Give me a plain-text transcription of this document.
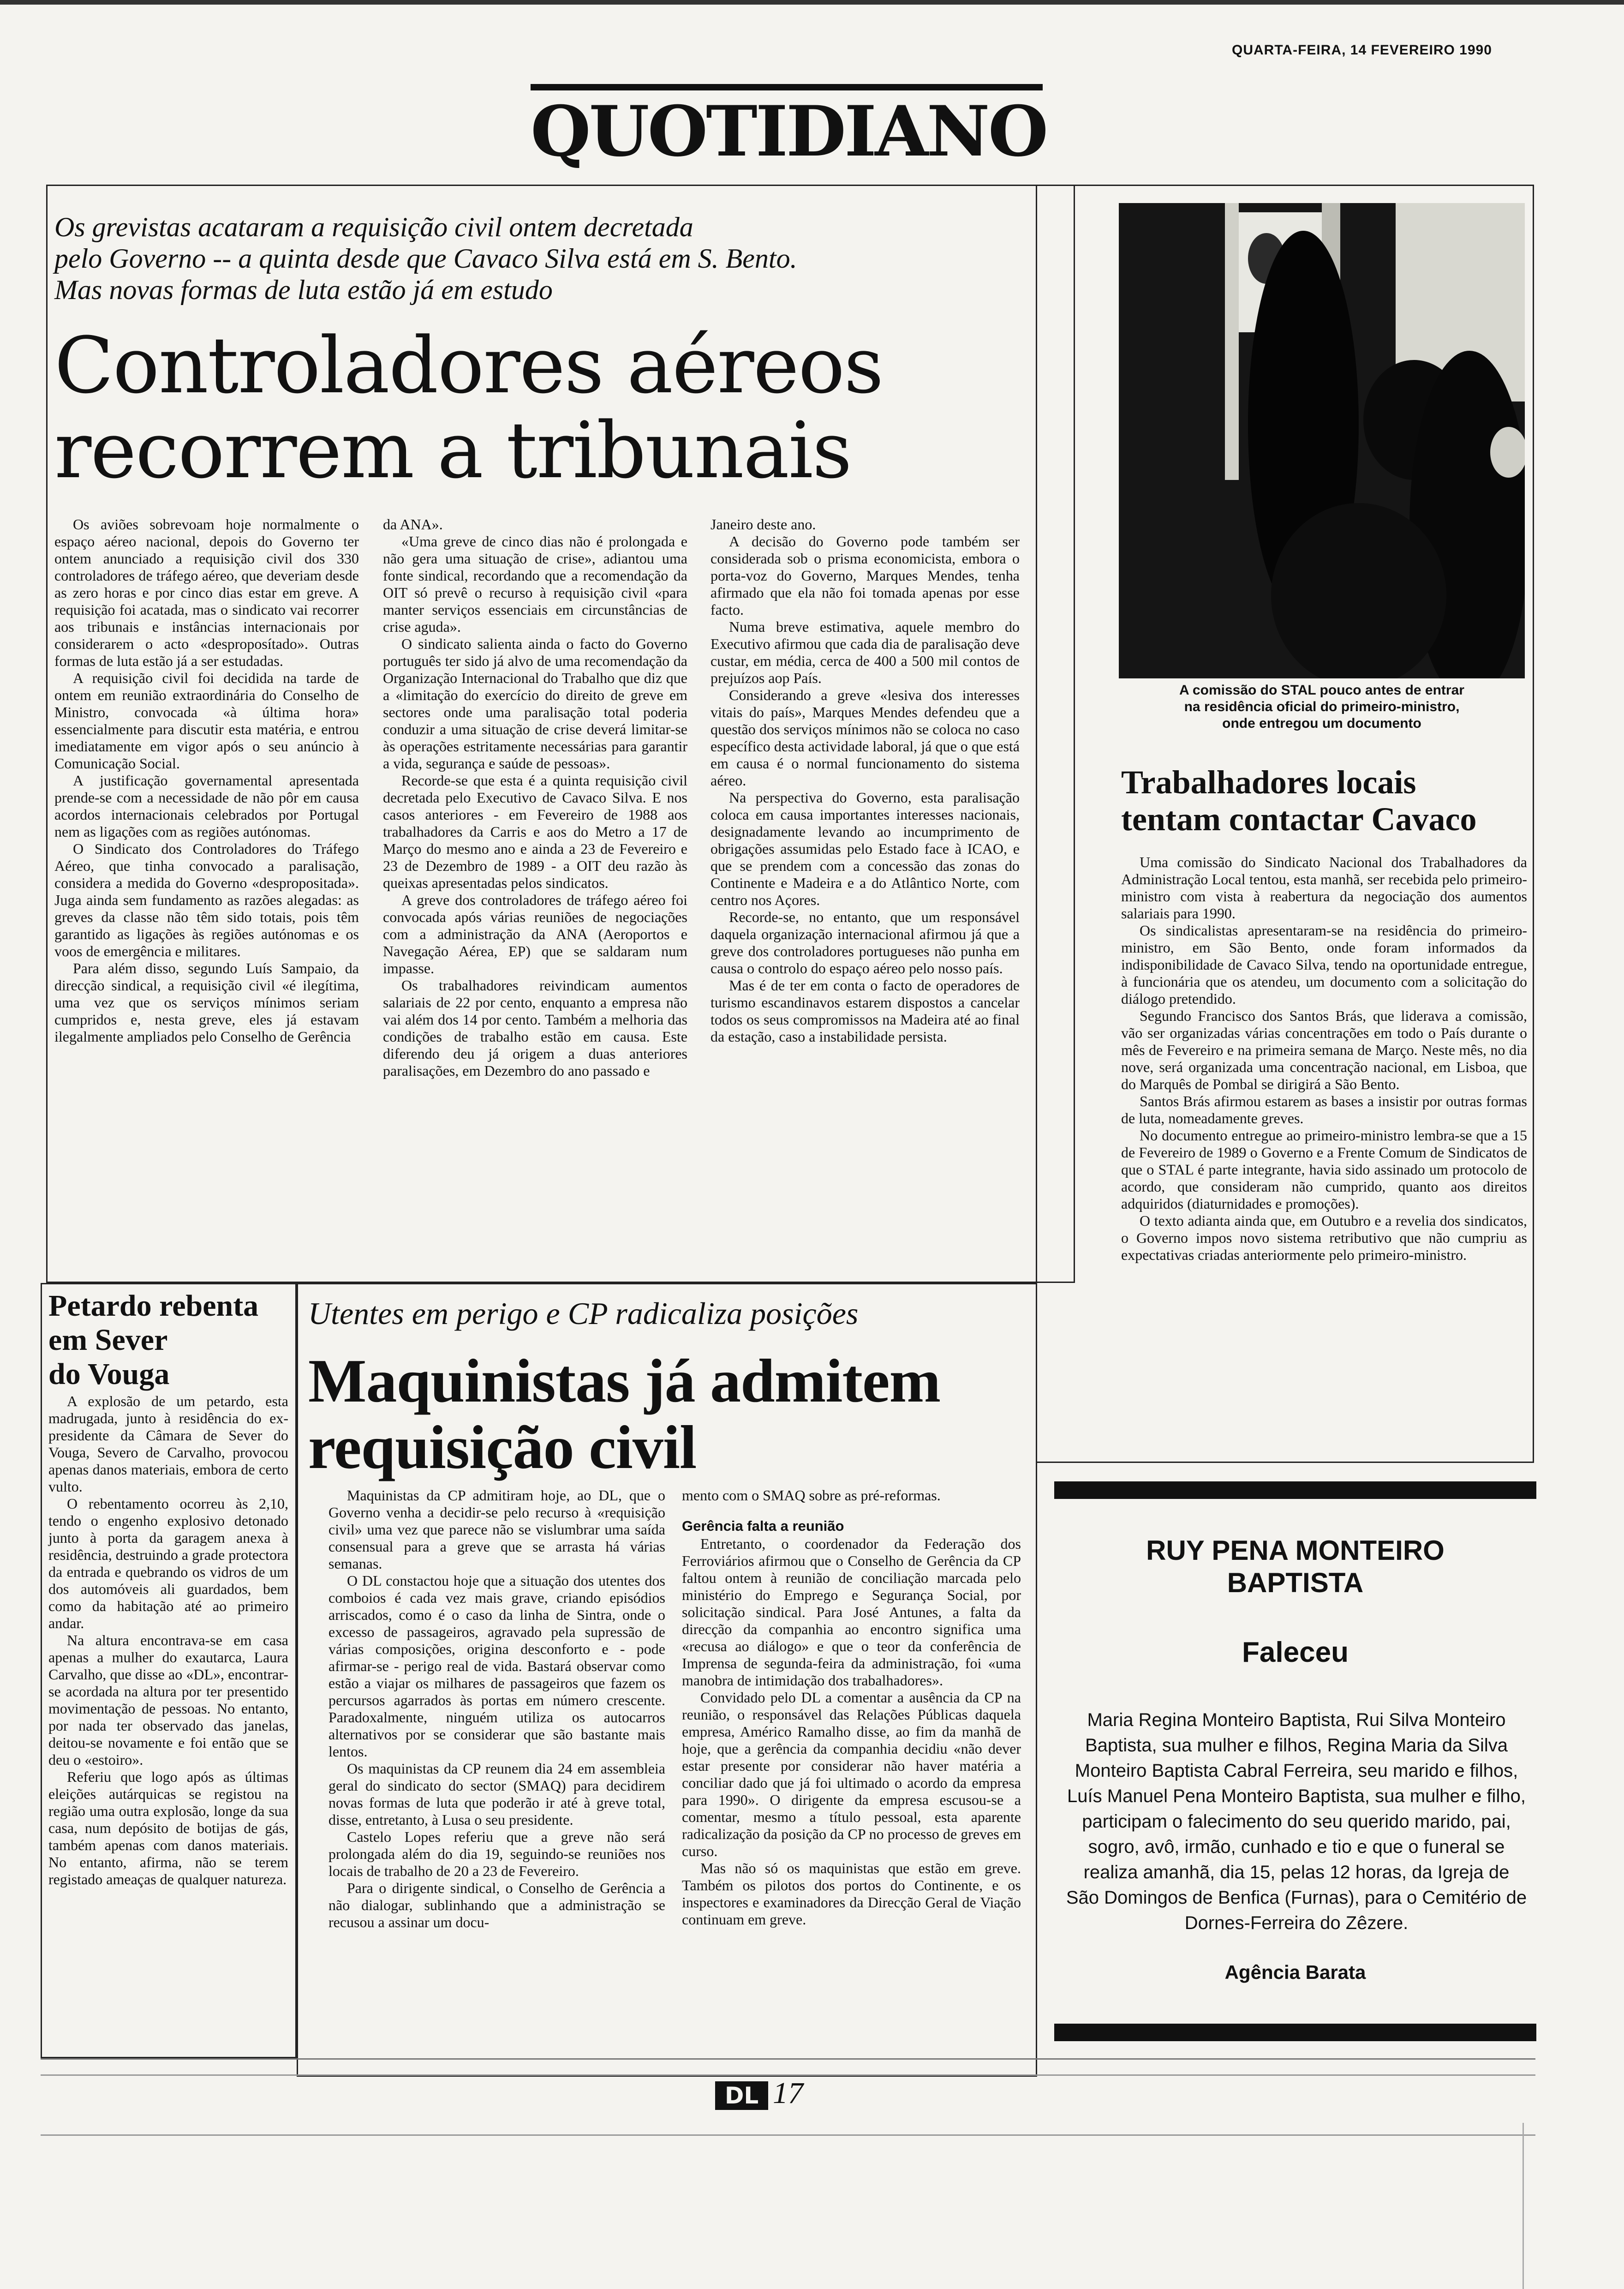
QUARTA-FEIRA, 14 FEVEREIRO 1990
QUOTIDIANO
Os grevistas acataram a requisição civil ontem decretada
pelo Governo -- a quinta desde que Cavaco Silva está em S. Bento.
Mas novas formas de luta estão já em estudo
Controladores aéreos
recorrem a tribunais

Os aviões sobrevoam hoje normalmente o espaço aéreo nacional, depois do Governo ter ontem anunciado a requisição civil dos 330 controladores de tráfego aéreo, que deveriam desde as zero horas e por cinco dias estar em greve. A requisição foi acatada, mas o sindicato vai recorrer aos tribunais e instâncias internacionais por considerarem o acto «desproposítado». Outras formas de luta estão já a ser estudadas.

A requisição civil foi decidida na tarde de ontem em reunião extraordinária do Conselho de Ministro, convocada «à última hora» essencialmente para discutir esta matéria, e entrou imediatamente em vigor após o seu anúncio à Comunicação Social.

A justificação governamental apresentada prende-se com a necessidade de não pôr em causa acordos internacionais celebrados por Portugal nem as ligações com as regiões autónomas.

O Sindicato dos Controladores do Tráfego Aéreo, que tinha convocado a paralisação, considera a medida do Governo «despropositada». Juga ainda sem fundamento as razões alegadas: as greves da classe não têm sido totais, pois têm garantido as ligações às regiões autónomas e os voos de emergência e militares.

Para além disso, segundo Luís Sampaio, da direcção sindical, a requisição civil «é ilegítima, uma vez que os serviços mínimos seriam cumpridos e, nesta greve, eles já estavam ilegalmente ampliados pelo Conselho de Gerência

da ANA».

«Uma greve de cinco dias não é prolongada e não gera uma situação de crise», adiantou uma fonte sindical, recordando que a recomendação da OIT só prevê o recurso à requisição civil «para manter serviços essenciais em circunstâncias de crise aguda».

O sindicato salienta ainda o facto do Governo português ter sido já alvo de uma recomendação da Organização Internacional do Trabalho que diz que a «limitação do exercício do direito de greve em sectores onde uma paralisação total poderia conduzir a uma situação de crise deverá limitar-se às operações estritamente necessárias para garantir a vida, segurança e saúde de pessoas».

Recorde-se que esta é a quinta requisição civil decretada pelo Executivo de Cavaco Silva. E nos casos anteriores - em Fevereiro de 1988 aos trabalhadores da Carris e aos do Metro a 17 de Março do mesmo ano e ainda a 23 de Fevereiro e 23 de Dezembro de 1989 - a OIT deu razão às queixas apresentadas pelos sindicatos.

A greve dos controladores de tráfego aéreo foi convocada após várias reuniões de negociações com a administração da ANA (Aeroportos e Navegação Aérea, EP) que se saldaram num impasse.

Os trabalhadores reivindicam aumentos salariais de 22 por cento, enquanto a empresa não vai além dos 14 por cento. Também a melhoria das condições de trabalho estão em causa. Este diferendo deu já origem a duas anteriores paralisações, em Dezembro do ano passado e

Janeiro deste ano.

A decisão do Governo pode também ser considerada sob o prisma economicista, embora o porta-voz do Governo, Marques Mendes, tenha afirmado que ela não foi tomada apenas por esse facto.

Numa breve estimativa, aquele membro do Executivo afirmou que cada dia de paralisação deve custar, em média, cerca de 400 a 500 mil contos de prejuízos aop País.

Considerando a greve «lesiva dos interesses vitais do país», Marques Mendes defendeu que a questão dos serviços mínimos não se coloca no caso específico desta actividade laboral, já que o que está em causa é o normal funcionamento do sistema aéreo.

Na perspectiva do Governo, esta paralisação coloca em causa importantes interesses nacionais, designadamente levando ao incumprimento de obrigações assumidas pelo Estado face à ICAO, e que se prendem com a concessão das zonas do Continente e Madeira e a do Atlântico Norte, com centro nos Açores.

Recorde-se, no entanto, que um responsável daquela organização internacional afirmou já que a greve dos controladores portugueses não punha em causa o controlo do espaço aéreo pelo nosso país.

Mas é de ter em conta o facto de operadores de turismo escandinavos estarem dispostos a cancelar todos os seus compromissos na Madeira até ao final da estação, caso a instabilidade persista.

A comissão do STAL pouco antes de entrar
na residência oficial do primeiro-ministro,
onde entregou um documento
Trabalhadores locais
tentam contactar Cavaco

Uma comissão do Sindicato Nacional dos Trabalhadores da Administração Local tentou, esta manhã, ser recebida pelo primeiro-ministro com vista à reabertura da negociação dos aumentos salariais para 1990.

Os sindicalistas apresentaram-se na residência do primeiro-ministro, em São Bento, onde foram informados da indisponibilidade de Cavaco Silva, tendo na oportunidade entregue, à funcionária que os atendeu, um documento com a solicitação do diálogo pretendido.

Segundo Francisco dos Santos Brás, que liderava a comissão, vão ser organizadas várias concentrações em todo o País durante o mês de Fevereiro e na primeira semana de Março. Neste mês, no dia nove, será organizada uma concentração nacional, em Lisboa, que do Marquês de Pombal se dirigirá a São Bento.

Santos Brás afirmou estarem as bases a insistir por outras formas de luta, nomeadamente greves.

No documento entregue ao primeiro-ministro lembra-se que a 15 de Fevereiro de 1989 o Governo e a Frente Comum de Sindicatos de que o STAL é parte integrante, havia sido assinado um protocolo de acordo, que consideram não cumprido, quanto aos direitos adquiridos (diaturnidades e promoções).

O texto adianta ainda que, em Outubro e a revelia dos sindicatos, o Governo impos novo sistema retributivo que não cumpriu as expectativas criadas anteriormente pelo primeiro-ministro.

Petardo rebenta
em Sever
do Vouga

A explosão de um petardo, esta madrugada, junto à residência do ex-presidente da Câmara de Sever do Vouga, Severo de Carvalho, provocou apenas danos materiais, embora de certo vulto.

O rebentamento ocorreu às 2,10, tendo o engenho explosivo detonado junto à porta da garagem anexa à residência, destruindo a grade protectora da entrada e quebrando os vidros de um dos automóveis ali guardados, bem como da habitação até ao primeiro andar.

Na altura encontrava-se em casa apenas a mulher do exautarca, Laura Carvalho, que disse ao «DL», encontrar-se acordada na altura por ter presentido movimentação de pessoas. No entanto, por nada ter observado das janelas, deitou-se novamente e foi então que se deu o «estoiro».

Referiu que logo após as últimas eleições autárquicas se registou na região uma outra explosão, longe da sua casa, num depósito de botijas de gás, também apenas com danos materiais. No entanto, afirma, não se terem registado ameaças de qualquer natureza.

Utentes em perigo e CP radicaliza posições
Maquinistas já admitem
requisição civil

Maquinistas da CP admitiram hoje, ao DL, que o Governo venha a decidir-se pelo recurso à «requisição civil» uma vez que parece não se vislumbrar uma saída consensual para a greve que se arrasta há várias semanas.

O DL constactou hoje que a situação dos utentes dos comboios é cada vez mais grave, criando episódios arriscados, como é o caso da linha de Sintra, onde o excesso de passageiros, agravado pela supressão de várias composições, origina desconforto e - pode afirmar-se - perigo real de vida. Bastará observar como estão a viajar os milhares de passageiros que fazem os percursos agarrados às portas em número crescente. Paradoxalmente, ninguém utiliza os autocarros alternativos por se considerar que são bastante mais lentos.

Os maquinistas da CP reunem dia 24 em assembleia geral do sindicato do sector (SMAQ) para decidirem novas formas de luta que poderão ir até à greve total, disse, entretanto, à Lusa o seu presidente.

Castelo Lopes referiu que a greve não será prolongada além do dia 19, seguindo-se reuniões nos locais de trabalho de 20 a 23 de Fevereiro.

Para o dirigente sindical, o Conselho de Gerência a não dialogar, sublinhando que a administração se recusou a assinar um docu-

mento com o SMAQ sobre as pré-reformas.

Gerência falta a reunião

Entretanto, o coordenador da Federação dos Ferroviários afirmou que o Conselho de Gerência da CP faltou ontem à reunião de conciliação marcada pelo ministério do Emprego e Segurança Social, por solicitação sindical. Para José Antunes, a falta da direcção da companhia ao encontro significa uma «recusa ao diálogo» e que o teor da conferência de Imprensa de segunda-feira da administração, foi «uma manobra de intimidação dos trabalhadores».

Convidado pelo DL a comentar a ausência da CP na reunião, o responsável das Relações Públicas daquela empresa, Américo Ramalho disse, ao fim da manhã de hoje, que a gerência da companhia decidiu «não dever estar presente por considerar não haver matéria a conciliar dado que já foi ultimado o acordo da empresa para 1990». O dirigente da empresa escusou-se a comentar, mesmo a título pessoal, esta aparente radicalização da posição da CP no processo de greves em curso.

Mas não só os maquinistas que estão em greve. Também os pilotos dos portos do Continente, e os inspectores e examinadores da Direcção Geral de Viação continuam em greve.

RUY PENA MONTEIRO
BAPTISTA
Faleceu
Maria Regina Monteiro Baptista, Rui Silva Monteiro Baptista, sua mulher e filhos, Regina Maria da Silva Monteiro Baptista Cabral Ferreira, seu marido e filhos, Luís Manuel Pena Monteiro Baptista, sua mulher e filho, participam o falecimento do seu querido marido, pai, sogro, avô, irmão, cunhado e tio e que o funeral se realiza amanhã, dia 15, pelas 12 horas, da Igreja de São Domingos de Benfica (Furnas), para o Cemitério de Dornes-Ferreira do Zêzere.
Agência Barata
DL 17
